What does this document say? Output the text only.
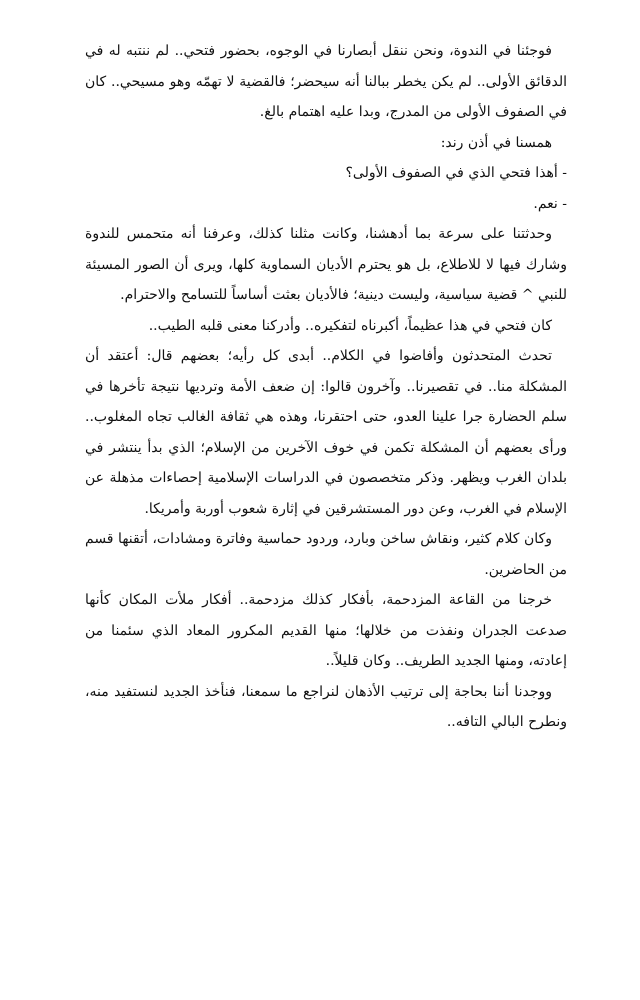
فوجئنا في الندوة، ونحن ننقل أبصارنا في الوجوه، بحضور فتحي.. لم ننتبه له في الدقائق الأولى.. لم يكن يخطر ببالنا أنه سيحضر؛ فالقضية لا تهمّه وهو مسيحي.. كان في الصفوف الأولى من المدرج، وبدا عليه اهتمام بالغ.

همسنا في أذن رند:

- أهذا فتحي الذي في الصفوف الأولى؟

- نعم.

وحدثتنا على سرعة بما أدهشنا، وكانت مثلنا كذلك، وعرفنا أنه متحمس للندوة وشارك فيها لا للاطلاع، بل هو يحترم الأديان السماوية كلها، ويرى أن الصور المسيئة للنبي ^ قضية سياسية، وليست دينية؛ فالأديان بعثت أساساً للتسامح والاحترام.

كان فتحي في هذا عظيماً، أكبرناه لتفكيره.. وأدركنا معنى قلبه الطيب..

تحدث المتحدثون وأفاضوا في الكلام.. أبدى كل رأيه؛ بعضهم قال: أعتقد أن المشكلة منا.. في تقصيرنا.. وآخرون قالوا: إن ضعف الأمة وترديها نتيجة تأخرها في سلم الحضارة جرا علينا العدو، حتى احتقرنا، وهذه هي ثقافة الغالب تجاه المغلوب.. ورأى بعضهم أن المشكلة تكمن في خوف الآخرين من الإسلام؛ الذي بدأ ينتشر في بلدان الغرب ويظهر. وذكر متخصصون في الدراسات الإسلامية إحصاءات مذهلة عن الإسلام في الغرب، وعن دور المستشرقين في إثارة شعوب أوربة وأمريكا.

وكان كلام كثير، ونقاش ساخن وبارد، وردود حماسية وفاترة ومشادات، أتقنها قسم من الحاضرين.

خرجنا من القاعة المزدحمة، بأفكار كذلك مزدحمة.. أفكار ملأت المكان كأنها صدعت الجدران ونفذت من خلالها؛ منها القديم المكرور المعاد الذي سئمنا من إعادته، ومنها الجديد الطريف.. وكان قليلاً..

ووجدنا أننا بحاجة إلى ترتيب الأذهان لنراجع ما سمعنا، فنأخذ الجديد لنستفيد منه، ونطرح البالي التافه..
